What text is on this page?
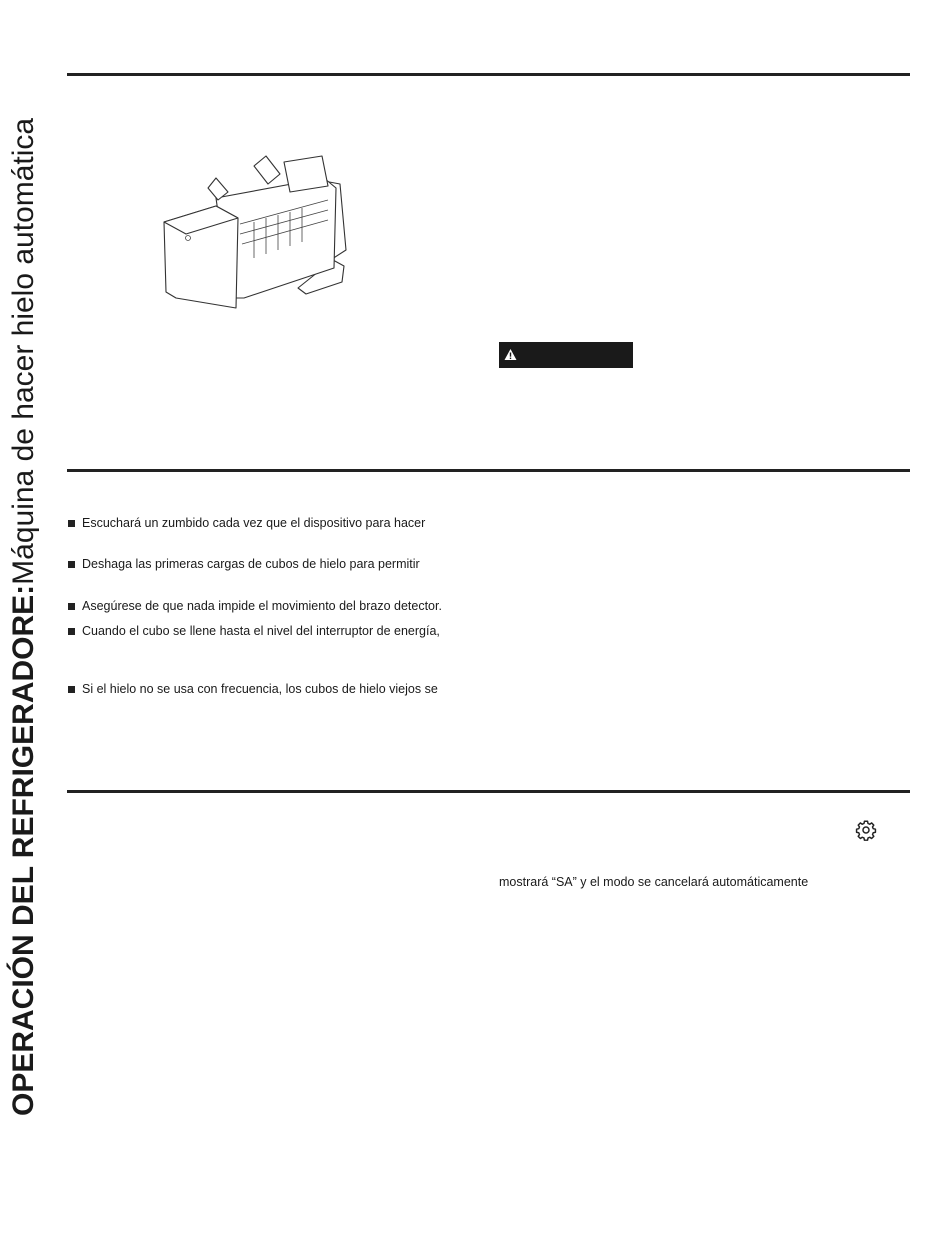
OPERACIÓN DEL REFRIGERADORE:Máquina de hacer hielo automática	Escuchará un zumbido cada vez que el dispositivo para hacer
Deshaga las primeras cargas de cubos de hielo para permitir
Asegúrese de que nada impide el movimiento del brazo detector.
Cuando el cubo se llene hasta el nivel del interruptor de energía,
Si el hielo no se usa con frecuencia, los cubos de hielo viejos se
mostrará “SA” y el modo se cancelará automáticamente
